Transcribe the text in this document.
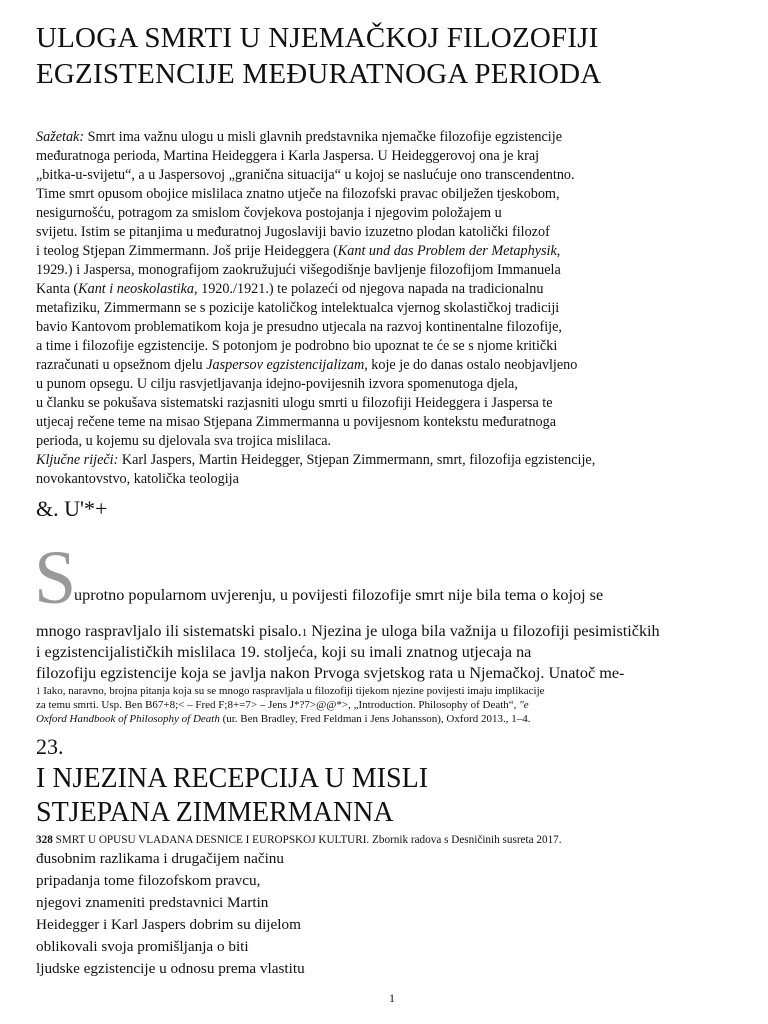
ULOGA SMRTI U NJEMAČKOJ FILOZOFIJI
EGZISTENCIJE MEĐURATNOGA PERIODA
Sažetak: Smrt ima važnu ulogu u misli glavnih predstavnika njemačke filozofije egzistencije
međuratnoga perioda, Martina Heideggera i Karla Jaspersa. U Heideggerovoj ona je kraj
„bitka-u-svijetu“, a u Jaspersovoj „granična situacija“ u kojoj se naslućuje ono transcendentno.
Time smrt opusom obojice mislilaca znatno utječe na filozofski pravac obilježen tjeskobom,
nesigurnošću, potragom za smislom čovjekova postojanja i njegovim položajem u
svijetu. Istim se pitanjima u međuratnoj Jugoslaviji bavio izuzetno plodan katolički filozof
i teolog Stjepan Zimmermann. Još prije Heideggera (Kant und das Problem der Metaphysik,
1929.) i Jaspersa, monografijom zaokružujući višegodišnje bavljenje filozofijom Immanuela
Kanta (Kant i neoskolastika, 1920./1921.) te polazeći od njegova napada na tradicionalnu
metafiziku, Zimmermann se s pozicije katoličkog intelektualca vjernog skolastičkoj tradiciji
bavio Kantovom problematikom koja je presudno utjecala na razvoj kontinentalne filozofije,
a time i filozofije egzistencije. S potonjom je podrobno bio upoznat te će se s njome kritički
razračunati u opsežnom djelu Jaspersov egzistencijalizam, koje je do danas ostalo neobjavljeno
u punom opsegu. U cilju rasvjetljavanja idejno-povijesnih izvora spomenutoga djela,
u članku se pokušava sistematski razjasniti ulogu smrti u filozofiji Heideggera i Jaspersa te
utjecaj rečene teme na misao Stjepana Zimmermanna u povijesnom kontekstu međuratnoga
perioda, u kojemu su djelovala sva trojica mislilaca.
Ključne riječi: Karl Jaspers, Martin Heidegger, Stjepan Zimmermann, smrt, filozofija egzistencije,
novokantovstvo, katolička teologija
&. U'*+
S
uprotno popularnom uvjerenju, u povijesti filozofije smrt nije bila tema o kojoj se
mnogo raspravljalo ili sistematski pisalo.1 Njezina je uloga bila važnija u filozofiji pesimističkih
i egzistencijalističkih mislilaca 19. stoljeća, koji su imali znatnog utjecaja na
filozofiju egzistencije koja se javlja nakon Prvoga svjetskog rata u Njemačkoj. Unatoč me-
1 Iako, naravno, brojna pitanja koja su se mnogo raspravljala u filozofiji tijekom njezine povijesti imaju implikacije
za temu smrti. Usp. Ben B67+8;< – Fred F;8+=7> – Jens J*?7>@@*>, „Introduction. Philosophy of Death“, "e
Oxford Handbook of Philosophy of Death (ur. Ben Bradley, Fred Feldman i Jens Johansson), Oxford 2013., 1–4.
23.
I NJEZINA RECEPCIJA U MISLI
STJEPANA ZIMMERMANNA
328 SMRT U OPUSU VLADANA DESNICE I EUROPSKOJ KULTURI. Zbornik radova s Desničinih susreta 2017.
đusobnim razlikama i drugačijem načinu
pripadanja tome filozofskom pravcu,
njegovi znameniti predstavnici Martin
Heidegger i Karl Jaspers dobrim su dijelom
oblikovali svoja promišljanja o biti
ljudske egzistencije u odnosu prema vlastitu
1
